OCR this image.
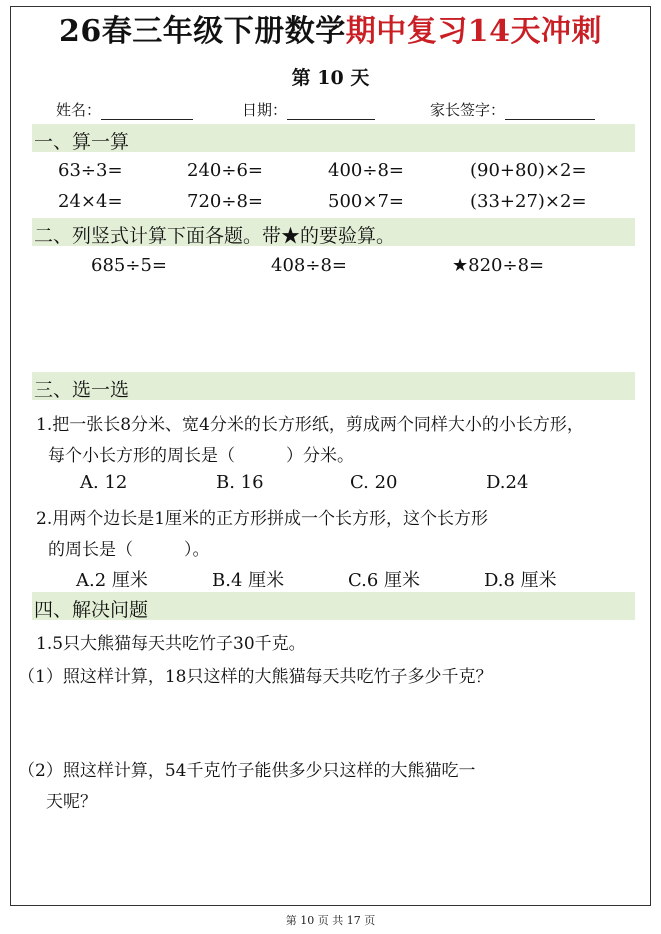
26春三年级下册数学期中复习14天冲刺
第 10 天
姓名：	日期：	家长签字：
一、算一算
63÷3=	240÷6=	400÷8=	(90+80)×2=
24×4=	720÷8=	500×7=	(33+27)×2=
二、列竖式计算下面各题。带★的要验算。
685÷5=	408÷8=	★820÷8=
三、选一选
1.把一张长8分米、宽4分米的长方形纸，剪成两个同样大小的小长方形，
每个小长方形的周长是（　　　）分米。
A. 12	B. 16	C. 20	D.24
2.用两个边长是1厘米的正方形拼成一个长方形，这个长方形
的周长是（　　　）。
A.2 厘米	B.4 厘米	C.6 厘米	D.8 厘米
四、解决问题
1.5只大熊猫每天共吃竹子30千克。
（1）照这样计算，18只这样的大熊猫每天共吃竹子多少千克？
（2）照这样计算，54千克竹子能供多少只这样的大熊猫吃一
天呢？
第 10 页 共 17 页
